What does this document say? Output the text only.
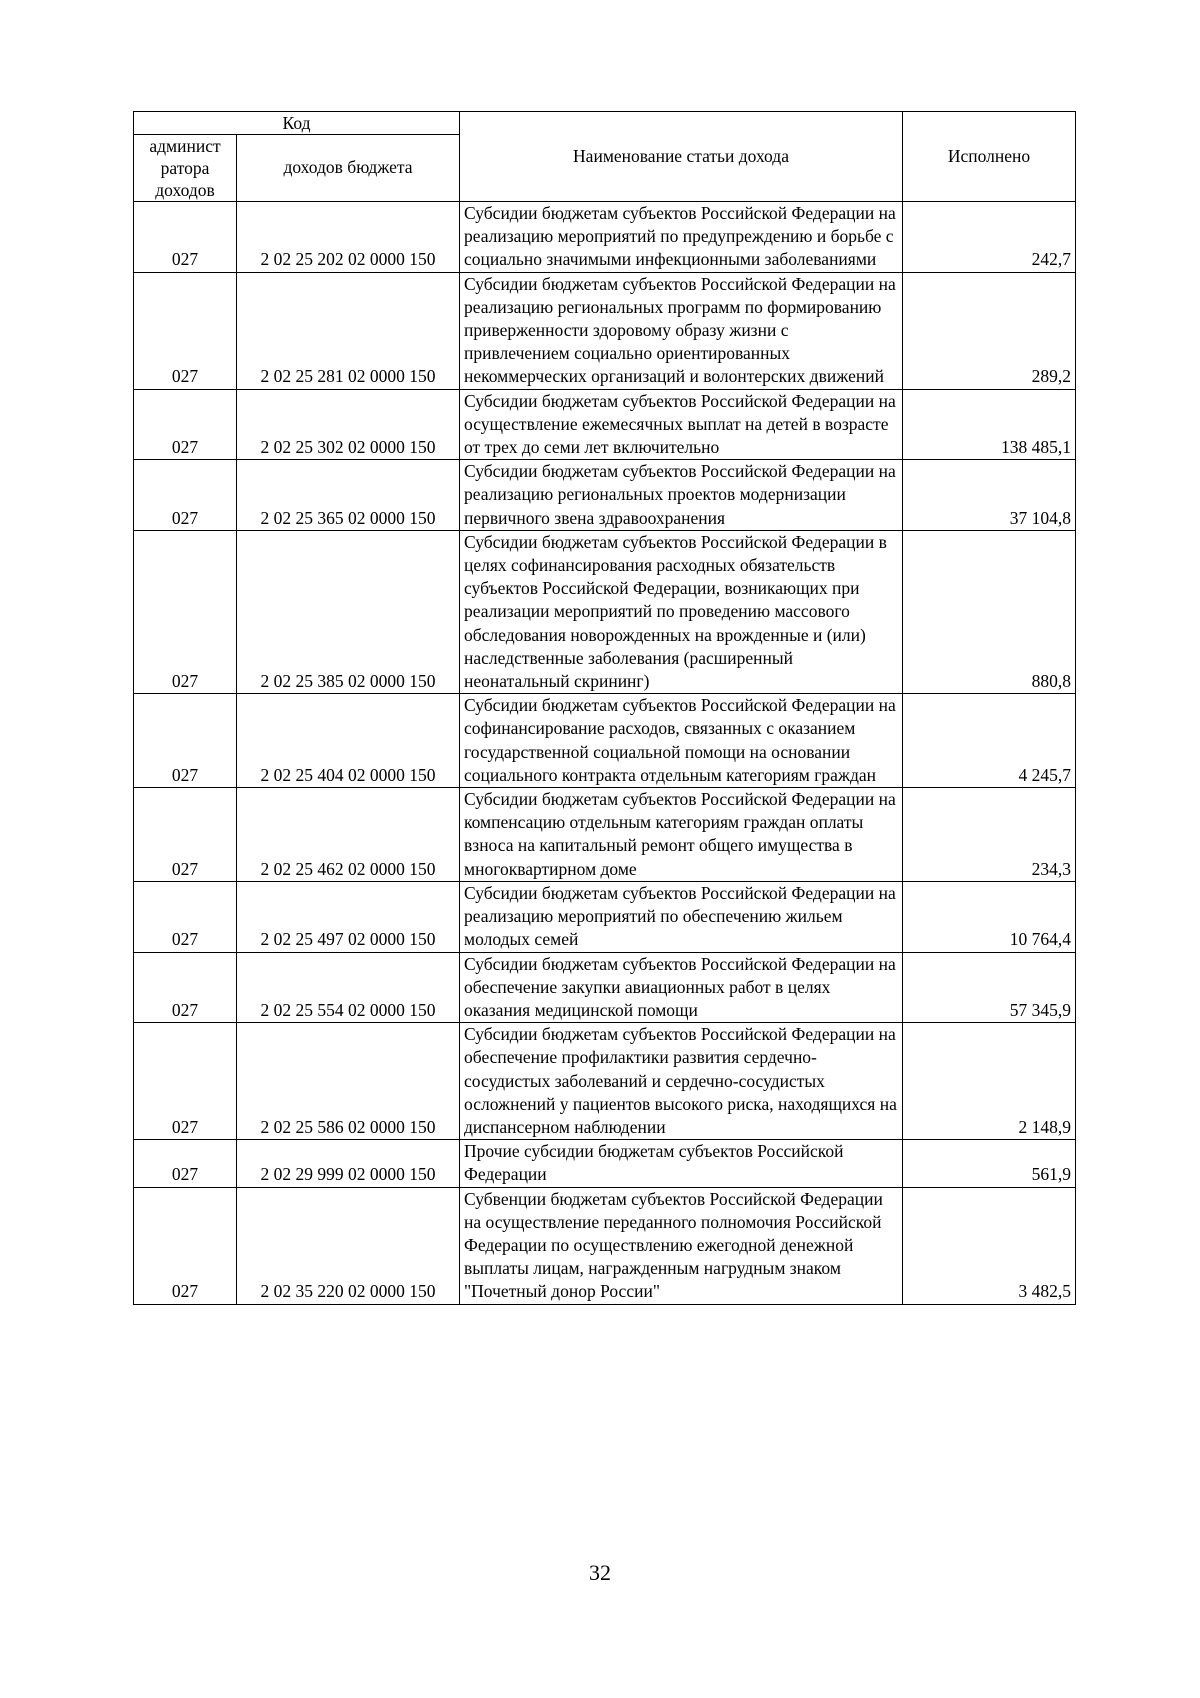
Код		Наименование статьи дохода	Исполнено
админист ратора доходов	доходов бюджета		
027	2 02 25 202 02 0000 150	Субсидии бюджетам субъектов Российской Федерации на реализацию мероприятий по предупреждению и борьбе с социально значимыми инфекционными заболеваниями	242,7
027	2 02 25 281 02 0000 150	Субсидии бюджетам субъектов Российской Федерации на реализацию региональных программ по формированию приверженности здоровому образу жизни с привлечением социально ориентированных некоммерческих организаций и волонтерских движений	289,2
027	2 02 25 302 02 0000 150	Субсидии бюджетам субъектов Российской Федерации на осуществление ежемесячных выплат на детей в возрасте от трех до семи лет включительно	138 485,1
027	2 02 25 365 02 0000 150	Субсидии бюджетам субъектов Российской Федерации на реализацию региональных проектов модернизации первичного звена здравоохранения	37 104,8
027	2 02 25 385 02 0000 150	Субсидии бюджетам субъектов Российской Федерации в целях софинансирования расходных обязательств субъектов Российской Федерации, возникающих при реализации мероприятий по проведению массового обследования новорожденных на врожденные и (или) наследственные заболевания (расширенный неонатальный скрининг)	880,8
027	2 02 25 404 02 0000 150	Субсидии бюджетам субъектов Российской Федерации на софинансирование расходов, связанных с оказанием государственной социальной помощи на основании социального контракта отдельным категориям граждан	4 245,7
027	2 02 25 462 02 0000 150	Субсидии бюджетам субъектов Российской Федерации на компенсацию отдельным категориям граждан оплаты взноса на капитальный ремонт общего имущества в многоквартирном доме	234,3
027	2 02 25 497 02 0000 150	Субсидии бюджетам субъектов Российской Федерации на реализацию мероприятий по обеспечению жильем молодых семей	10 764,4
027	2 02 25 554 02 0000 150	Субсидии бюджетам субъектов Российской Федерации на обеспечение закупки авиационных работ в целях оказания медицинской помощи	57 345,9
027	2 02 25 586 02 0000 150	Субсидии бюджетам субъектов Российской Федерации на обеспечение профилактики развития сердечно-сосудистых заболеваний и сердечно-сосудистых осложнений у пациентов высокого риска, находящихся на диспансерном наблюдении	2 148,9
027	2 02 29 999 02 0000 150	Прочие субсидии бюджетам субъектов Российской Федерации	561,9
027	2 02 35 220 02 0000 150	Субвенции бюджетам субъектов Российской Федерации на осуществление переданного полномочия Российской Федерации по осуществлению ежегодной денежной выплаты лицам, награжденным нагрудным знаком "Почетный донор России"	3 482,5
32
